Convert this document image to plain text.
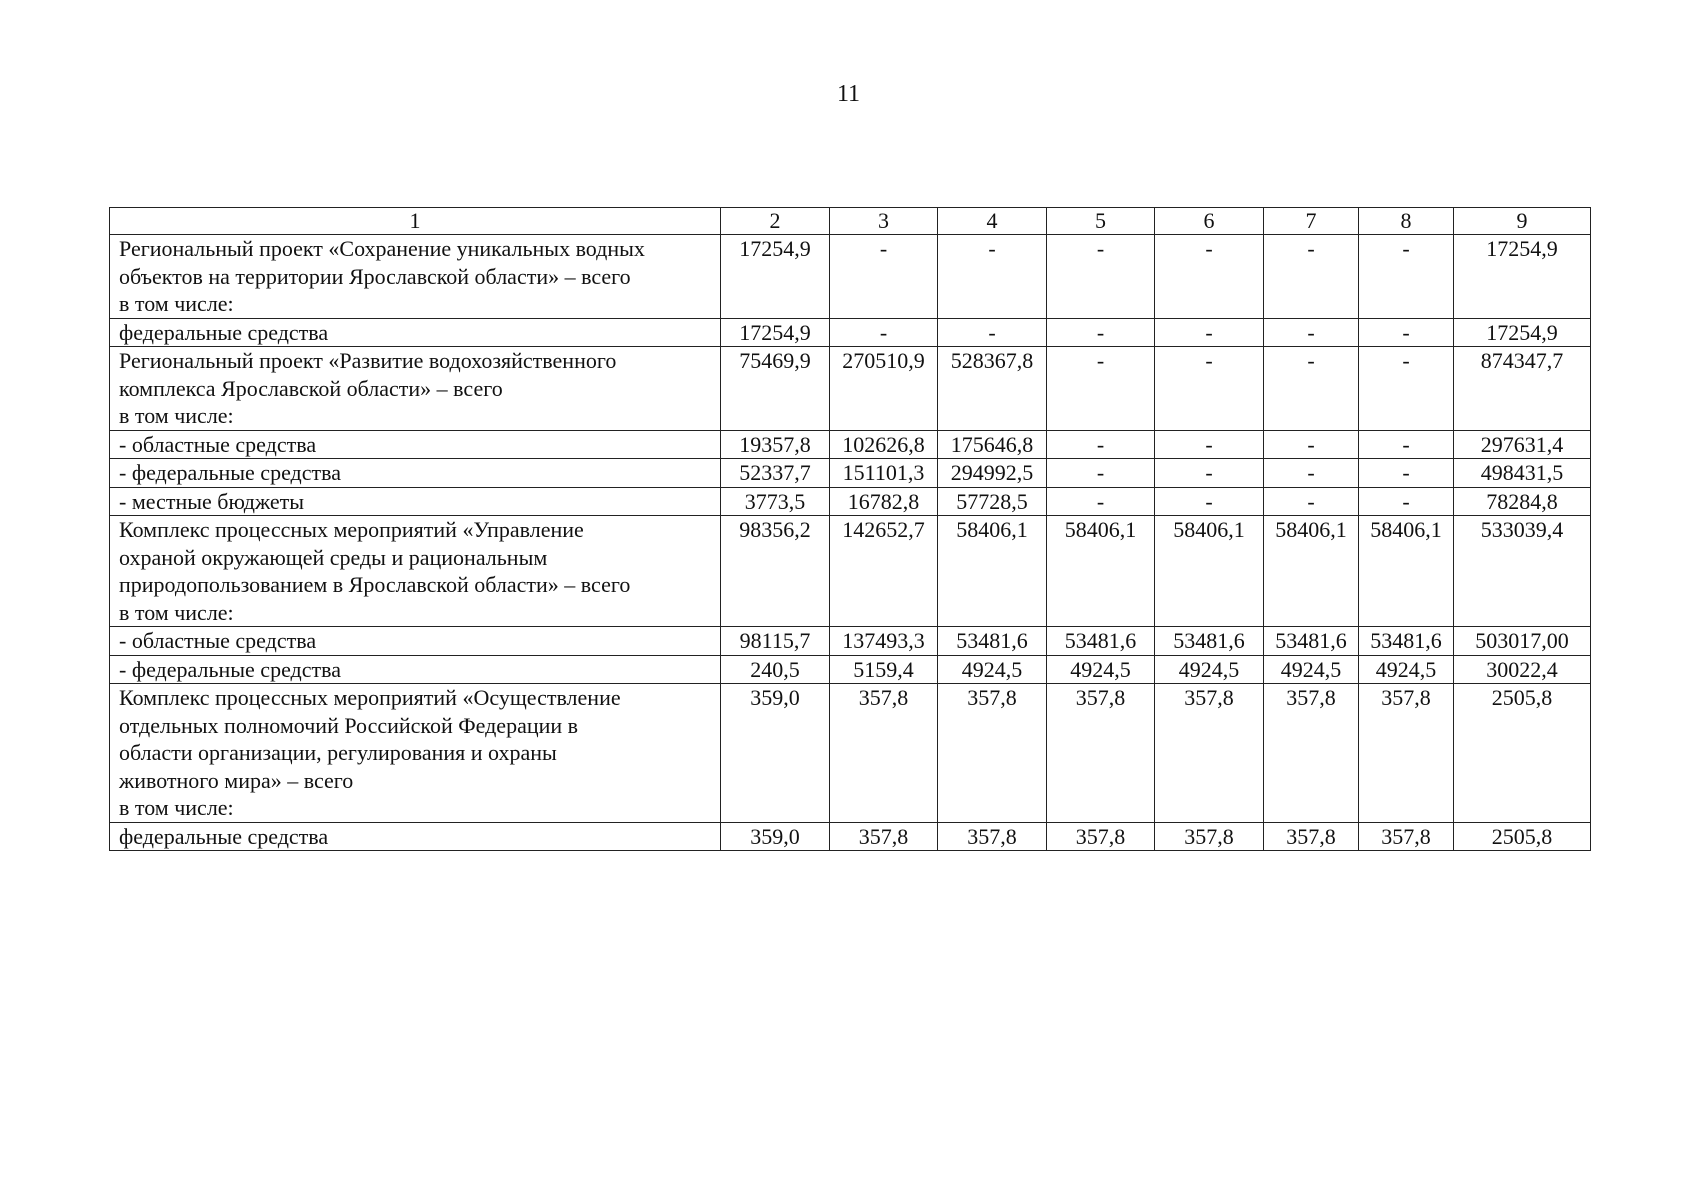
11
1	2	3	4	5	6	7	8	9

Региональный проект «Сохранение уникальных водных
объектов на территории Ярославской области» – всего
в том числе:	17254,9	-	-	-	-	-	-	17254,9

федеральные средства	17254,9	-	-	-	-	-	-	17254,9

Региональный проект «Развитие водохозяйственного
комплекса Ярославской области» – всего
в том числе:	75469,9	270510,9	528367,8	-	-	-	-	874347,7

- областные средства	19357,8	102626,8	175646,8	-	-	-	-	297631,4

- федеральные средства	52337,7	151101,3	294992,5	-	-	-	-	498431,5

- местные бюджеты	3773,5	16782,8	57728,5	-	-	-	-	78284,8

Комплекс процессных мероприятий «Управление
охраной окружающей среды и рациональным
природопользованием в Ярославской области» – всего
в том числе:	98356,2	142652,7	58406,1	58406,1	58406,1	58406,1	58406,1	533039,4

- областные средства	98115,7	137493,3	53481,6	53481,6	53481,6	53481,6	53481,6	503017,00

- федеральные средства	240,5	5159,4	4924,5	4924,5	4924,5	4924,5	4924,5	30022,4

Комплекс процессных мероприятий «Осуществление
отдельных полномочий Российской Федерации в
области организации, регулирования и охраны
животного мира» – всего
в том числе:	359,0	357,8	357,8	357,8	357,8	357,8	357,8	2505,8

федеральные средства	359,0	357,8	357,8	357,8	357,8	357,8	357,8	2505,8
